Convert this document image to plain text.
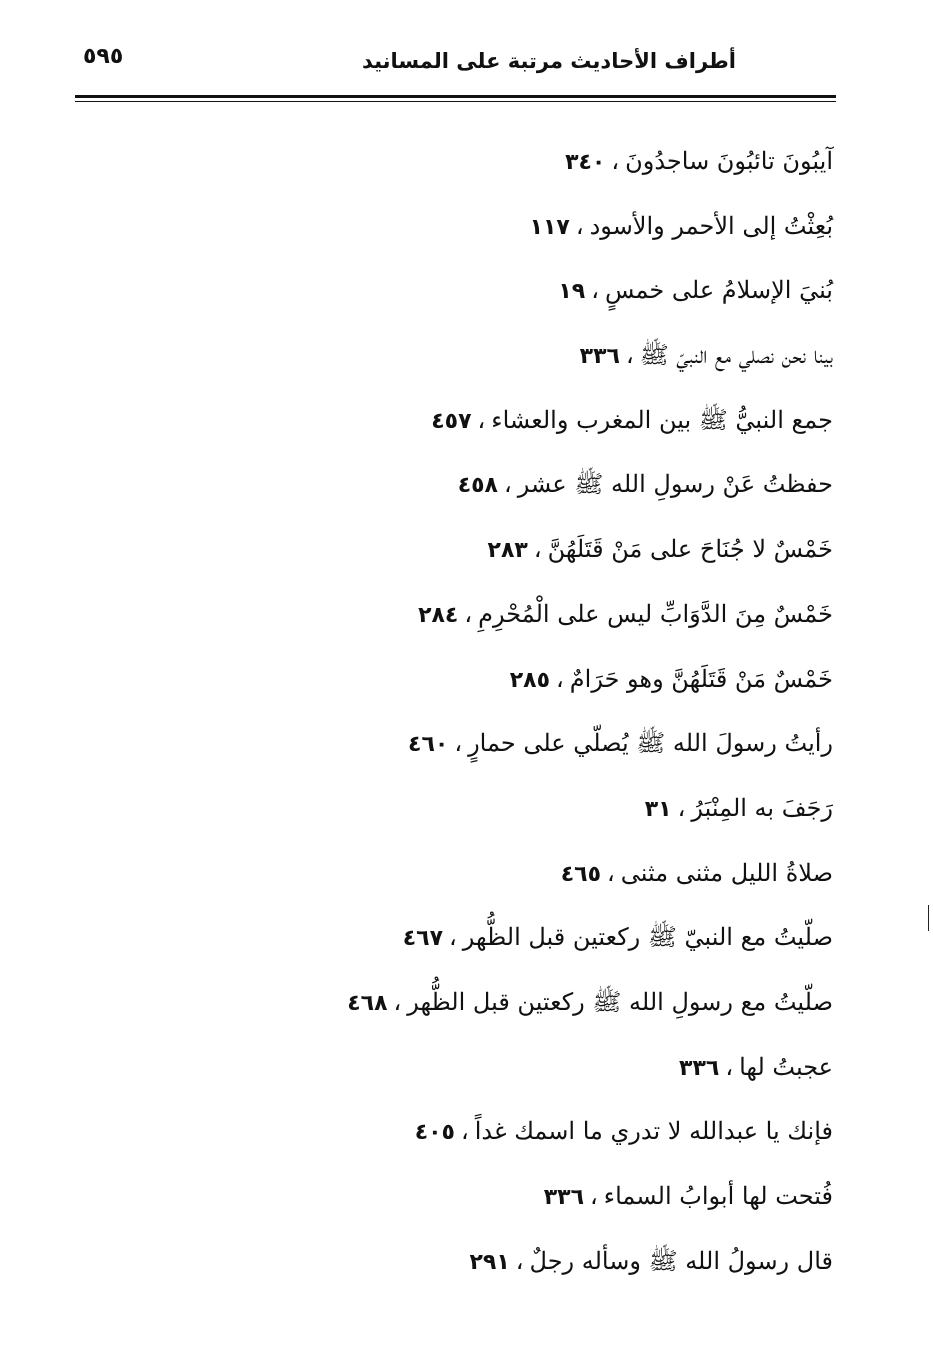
أطراف الأحاديث مرتبة على المسانيد
٥٩٥
آيبُونَ تائبُونَ ساجدُونَ،٣٤٠
بُعِثْتُ إلى الأحمر والأسود،١١٧
بُنيَ الإسلامُ على خمسٍ،١٩
بينا نحن نصلي مع النبيّ ﷺ،٣٣٦
جمع النبيُّ ﷺ بين المغرب والعشاء،٤٥٧
حفظتُ عَنْ رسولِ الله ﷺ عشر،٤٥٨
خَمْسٌ لا جُنَاحَ على مَنْ قَتَلَهُنَّ،٢٨٣
خَمْسٌ مِنَ الدَّوَابِّ ليس على الْمُحْرِمِ،٢٨٤
خَمْسٌ مَنْ قَتَلَهُنَّ وهو حَرَامٌ،٢٨٥
رأيتُ رسولَ الله ﷺ يُصلّي على حمارٍ،٤٦٠
رَجَفَ به المِنْبَرُ،٣١
صلاةُ الليل مثنى مثنى،٤٦٥
صلّيتُ مع النبيّ ﷺ ركعتين قبل الظُّهر،٤٦٧
صلّيتُ مع رسولِ الله ﷺ ركعتين قبل الظُّهر،٤٦٨
عجبتُ لها،٣٣٦
فإنك يا عبدالله لا تدري ما اسمك غداً،٤٠٥
فُتحت لها أبوابُ السماء،٣٣٦
قال رسولُ الله ﷺ وسأله رجلٌ،٢٩١
